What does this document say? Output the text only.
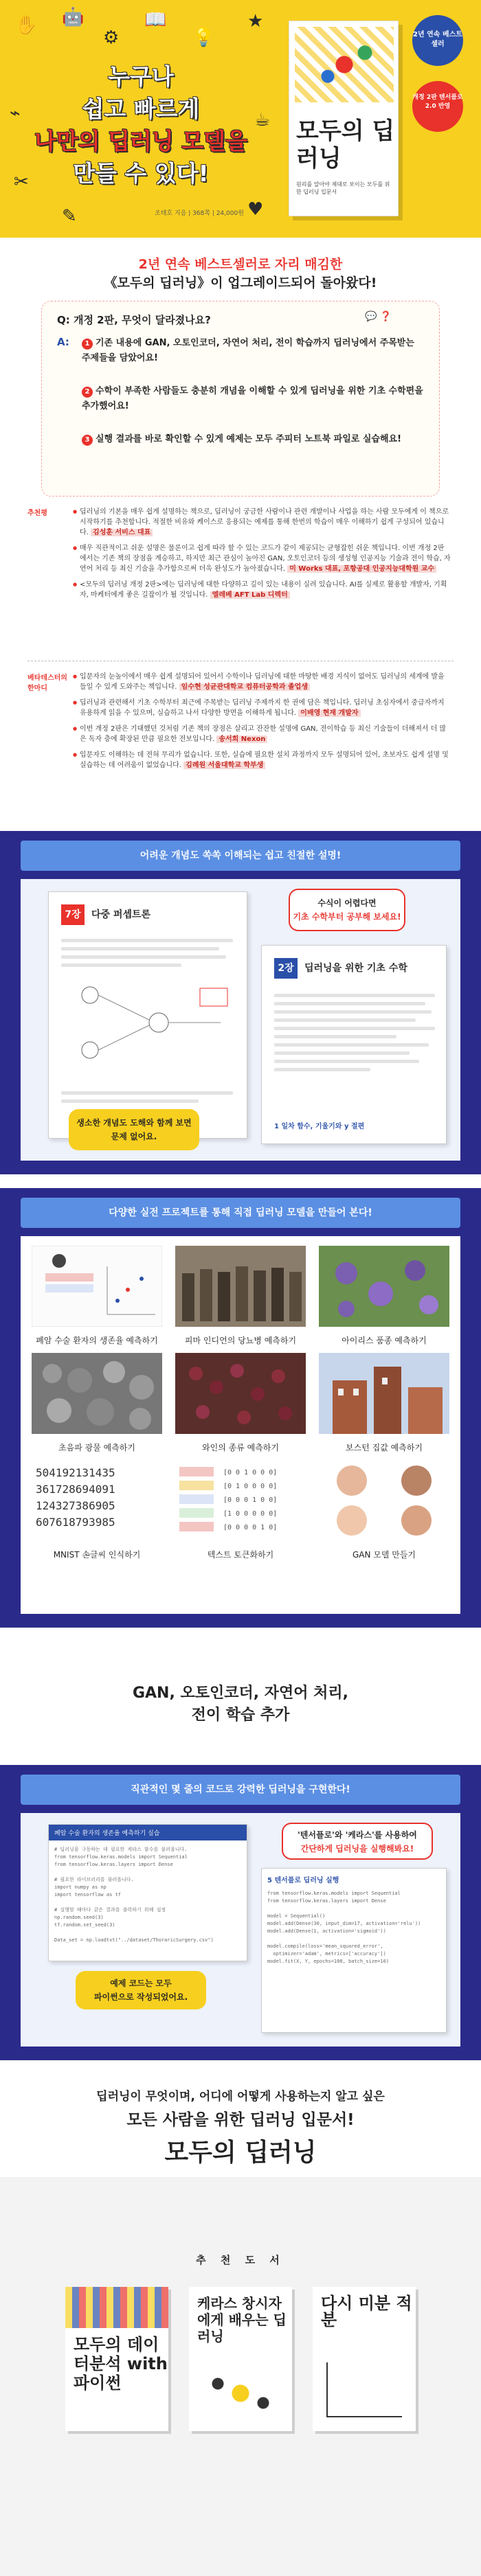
✋ 🤖
⚙
📖
💡
★
⌁
✂
✎	♥
☕
누구나
쉽고 빠르게
나만의 딥러닝 모델을
만들 수 있다!
조태호 지음 | 368쪽 | 24,000원
모두의 딥러닝
원리를 알아야 제대로 보이는 모두를 위한 딥러닝 입문서
2년 연속 베스트셀러
개정 2판 텐서플로2.0 반영
2년 연속 베스트셀러로 자리 매김한
《모두의 딥러닝》이 업그레이드되어 돌아왔다!
Q: 개정 2판, 무엇이 달라졌나요?	💬 ❓
A:	1 기존 내용에 GAN, 오토인코더, 자연어 처리, 전이 학습까지 딥러닝에서 주목받는 주제들을 담았어요!
2 수학이 부족한 사람들도 충분히 개념을 이해할 수 있게 딥러닝을 위한 기초 수학편을 추가했어요!
3 실행 결과를 바로 확인할 수 있게 예제는 모두 주피터 노트북 파일로 실습해요!
추천평

●	딥러닝의 기본을 매우 쉽게 설명하는 책으로, 딥러닝이 궁금한 사람이나 관련 개발이나 사업을 하는 사람 모두에게 이 책으로 시작하기를 추천합니다. 적절한 비유와 케이스로 응용되는 예제를 통해 한번의 학습이 매우 이해하기 쉽게 구성되어 있습니다. 김성훈 서비스 대표

● 매우 직관적이고 쉬운 설명은 물론이고 쉽게 따라 할 수 있는 코드가 같이 제공되는 균형잡힌 쉬운 책입니다. 이번 개정 2판에서는 기존 책의 장점을 계승하고, 하지만 최근 관심이 높아진 GAN, 오토인코더 등의 생성형 인공지능 기술과 전이 학습, 자연어 처리 등 최신 기술을 추가함으로써 더욱 완성도가 높아졌습니다. 미 Works 대표, 포항공대 인공지능대학원 교수

● <모두의 딥러닝 개정 2판>에는 딥러닝에 대한 다양하고 깊이 있는 내용이 실려 있습니다. AI를 실제로 활용할 개발자, 기획자, 마케터에게 좋은 길잡이가 될 것입니다. 엘레베 AFT Lab 디렉터

베타테스터의 한마디

● 입문자의 눈높이에서 매우 쉽게 설명되어 있어서 수학이나 딥러닝에 대한 마땅한 배경 지식이 없어도 딥러닝의 세계에 발을 들일 수 있게 도와주는 책입니다. 임수현 성균관대학교 컴퓨터공학과 졸업생

● 딥러닝과 관련해서 기초 수학부터 최근에 주목받는 딥러닝 주제까지 한 권에 담은 책입니다. 딥러닝 초심자에서 중급자까지 유용하게 읽을 수 있으며, 실습하고 나서 다양한 방면을 이해하게 됩니다. 이배영 현재 개발자

● 이번 개정 2판은 기대했던 것처럼 기존 책의 장점은 살리고 잔잔한 설명에 GAN, 전이학습 등 최신 기술들이 더해져서 더 많은 독자 층에 확장된 만큼 필요한 전보입니다. 송서희 Nexon

● 입문자도 이해하는 데 전혀 무리가 없습니다. 또한, 실습에 필요한 설치 과정까지 모두 설명되어 있어, 초보자도 쉽게 설명 및 실습하는 데 어려움이 없었습니다. 김례원 서울대학교 학부생

어려운 개념도 쏙쏙 이해되는 쉽고 친절한 설명!
7장	다중 퍼셉트론
생소한 개념도 도해와 함께 보면
문제 없어요.
수식이 어렵다면
기초 수학부터 공부해 보세요!
2장	딥러닝을 위한 기초 수학
1 일차 함수, 기울기와 y 절편
다양한 실전 프로젝트를 통해 직접 딥러닝 모델을 만들어 본다!
폐암 수술 환자의 생존율 예측하기	피마 인디언의 당뇨병 예측하기	아이리스 품종 예측하기
초음파 광물 예측하기	와인의 종류 예측하기	보스턴 집값 예측하기
504192131435
361728694091
124327386905
607618793985
MNIST 손글씨 인식하기
[0 0 1 0 0 0]
[0 1 0 0 0 0]
[0 0 0 1 0 0]
[1 0 0 0 0 0]
[0 0 0 0 1 0]
텍스트 토큰화하기	GAN 모델 만들기
GAN, 오토인코더, 자연어 처리,
전이 학습 추가
직관적인 몇 줄의 코드로 강력한 딥러닝을 구현한다!
폐암 수술 환자의 생존율 예측하기 실습
# 딥러닝을 구동하는 데 필요한 케라스 함수를 불러옵니다.
from tensorflow.keras.models import Sequential
from tensorflow.keras.layers import Dense

# 필요한 라이브러리를 불러옵니다.
import numpy as np
import tensorflow as tf

# 실행할 때마다 같은 결과를 출력하기 위해 설정
np.random.seed(3)
tf.random.set_seed(3)

Data_set = np.loadtxt("../dataset/ThoraricSurgery.csv")
예제 코드는 모두
파이썬으로 작성되었어요.
'텐서플로'와 '케라스'를 사용하여
간단하게 딥러닝을 실행해봐요!
5 텐서플로 딥러닝 실행
from tensorflow.keras.models import Sequential
from tensorflow.keras.layers import Dense

model = Sequential()
model.add(Dense(30, input_dim=17, activation='relu'))
model.add(Dense(1, activation='sigmoid'))

model.compile(loss='mean_squared_error',
optimizer='adam', metrics=['accuracy'])
model.fit(X, Y, epochs=100, batch_size=10)
딥러닝이 무엇이며, 어디에 어떻게 사용하는지 알고 싶은
모든 사람을 위한 딥러닝 입문서!
모두의 딥러닝
추 천 도 서
모두의 데이터분석 with 파이썬
케라스 창시자에게 배우는 딥러닝
다시 미분 적분
